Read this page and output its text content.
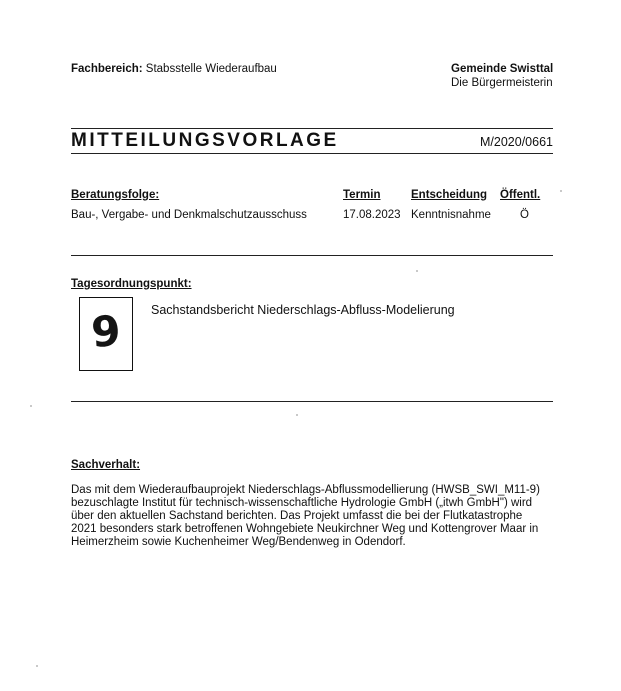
Fachbereich: Stabsstelle Wiederaufbau	Gemeinde Swisttal
Die Bürgermeisterin
MITTEILUNGSVORLAGE	M/2020/0661
Beratungsfolge:	Termin	Entscheidung Öffentl.
Bau-, Vergabe- und Denkmalschutzausschuss	17.08.2023 Kenntnisnahme	Ö
Tagesordnungspunkt:
9	Sachstandsbericht Niederschlags-Abfluss-Modelierung
Sachverhalt:
Das mit dem Wiederaufbauprojekt Niederschlags-Abflussmodellierung (HWSB_SWI_M11-9)
bezuschlagte Institut für technisch-wissenschaftliche Hydrologie GmbH („itwh GmbH") wird
über den aktuellen Sachstand berichten. Das Projekt umfasst die bei der Flutkatastrophe
2021 besonders stark betroffenen Wohngebiete Neukirchner Weg und Kottengrover Maar in
Heimerzheim sowie Kuchenheimer Weg/Bendenweg in Odendorf.
